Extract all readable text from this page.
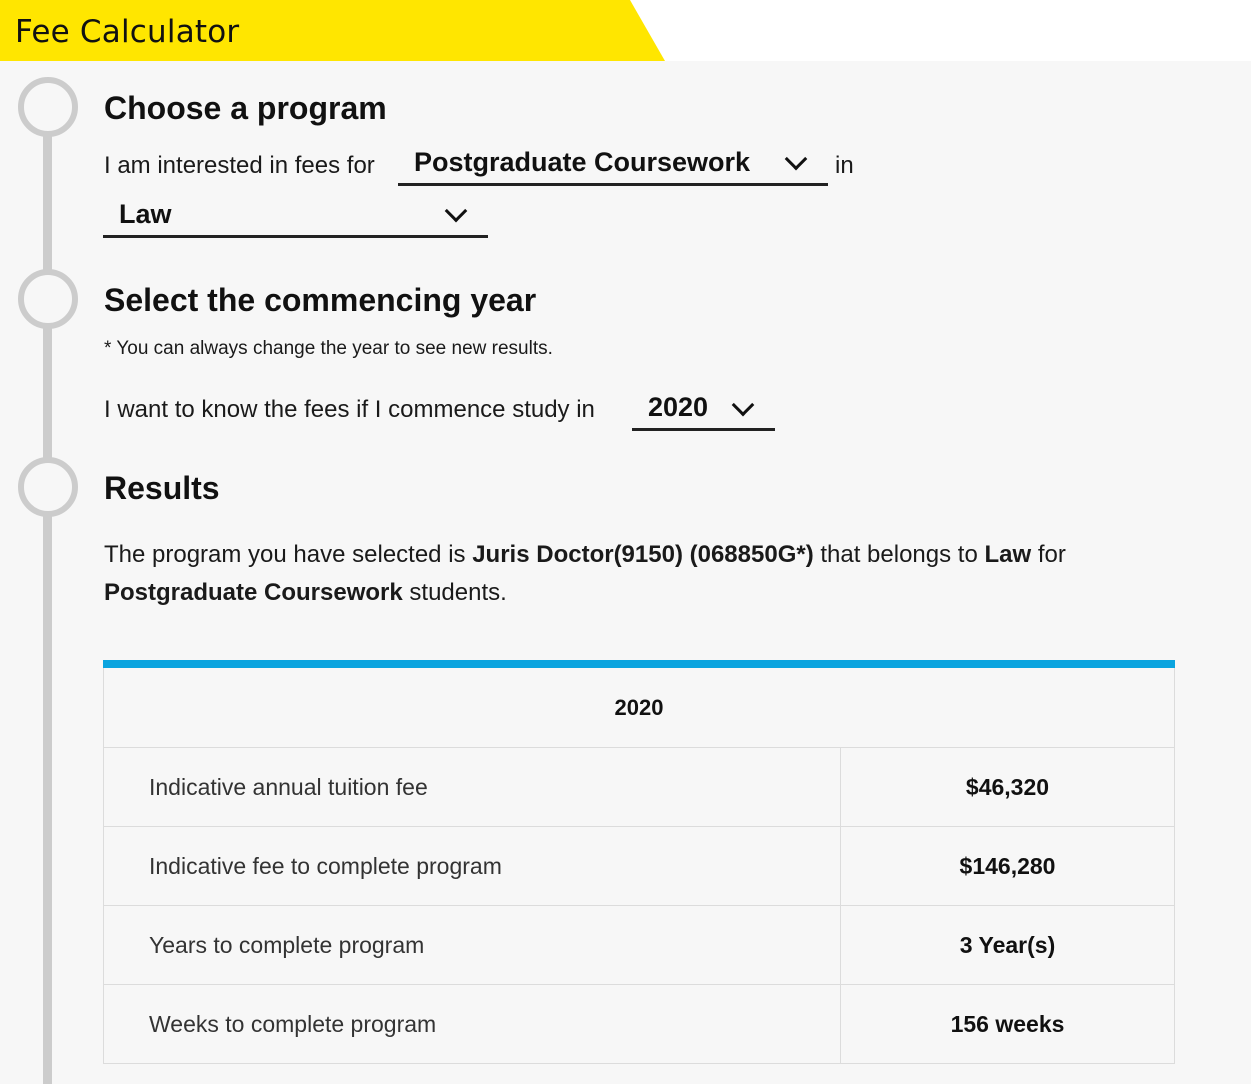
Fee Calculator
Choose a program
I am interested in fees for Postgraduate Coursework	in
Law
Select the commencing year
* You can always change the year to see new results.
I want to know the fees if I commence study in 2020
Results

The program you have selected is Juris Doctor(9150) (068850G*) that belongs to Law for
Postgraduate Coursework students.

2020	
Indicative annual tuition fee	$46,320
Indicative fee to complete program	$146,280
Years to complete program	3 Year(s)
Weeks to complete program	156 weeks
